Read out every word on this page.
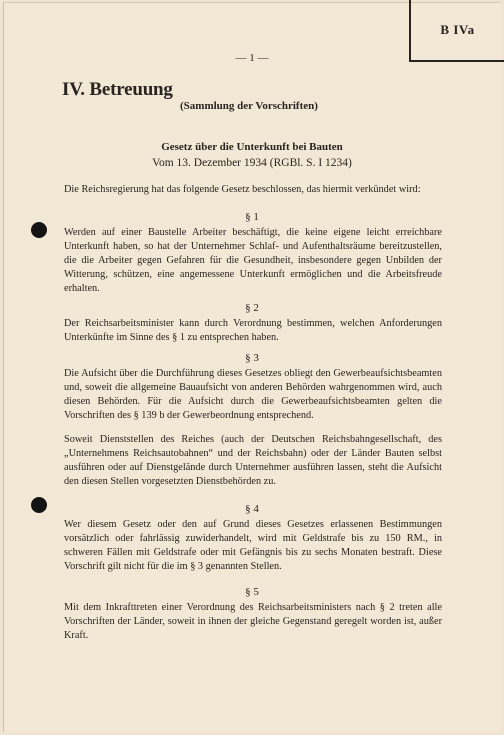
B IVa
— 1 —
IV. Betreuung
(Sammlung der Vorschriften)
Gesetz über die Unterkunft bei Bauten
Vom 13. Dezember 1934 (RGBl. S. I 1234)

Die Reichsregierung hat das folgende Gesetz beschlossen, das hiermit verkündet wird:

§ 1

Werden auf einer Baustelle Arbeiter beschäftigt, die keine eigene leicht erreichbare Unterkunft haben, so hat der Unternehmer Schlaf- und Aufenthaltsräume bereitzustellen, die die Arbeiter gegen Gefahren für die Gesundheit, insbesondere gegen Unbilden der Witterung, schützen, eine angemessene Unterkunft ermöglichen und die Arbeitsfreude erhalten.

§ 2

Der Reichsarbeitsminister kann durch Verordnung bestimmen, welchen Anforderungen Unterkünfte im Sinne des § 1 zu entsprechen haben.

§ 3

Die Aufsicht über die Durchführung dieses Gesetzes obliegt den Gewerbeaufsichtsbeamten und, soweit die allgemeine Bauaufsicht von anderen Behörden wahrgenommen wird, auch diesen Behörden. Für die Aufsicht durch die Gewerbeaufsichtsbeamten gelten die Vorschriften des § 139 b der Gewerbeordnung entsprechend.

Soweit Dienststellen des Reiches (auch der Deutschen Reichsbahngesellschaft, des „Unternehmens Reichsautobahnen“ und der Reichsbahn) oder der Länder Bauten selbst ausführen oder auf Dienstgelände durch Unternehmer ausführen lassen, steht die Aufsicht den diesen Stellen vorgesetzten Dienstbehörden zu.

§ 4

Wer diesem Gesetz oder den auf Grund dieses Gesetzes erlassenen Bestimmungen vorsätzlich oder fahrlässig zuwiderhandelt, wird mit Geldstrafe bis zu 150 RM., in schweren Fällen mit Geldstrafe oder mit Gefängnis bis zu sechs Monaten bestraft. Diese Vorschrift gilt nicht für die im § 3 genannten Stellen.

§ 5

Mit dem Inkrafttreten einer Verordnung des Reichsarbeitsministers nach § 2 treten alle Vorschriften der Länder, soweit in ihnen der gleiche Gegenstand geregelt worden ist, außer Kraft.
